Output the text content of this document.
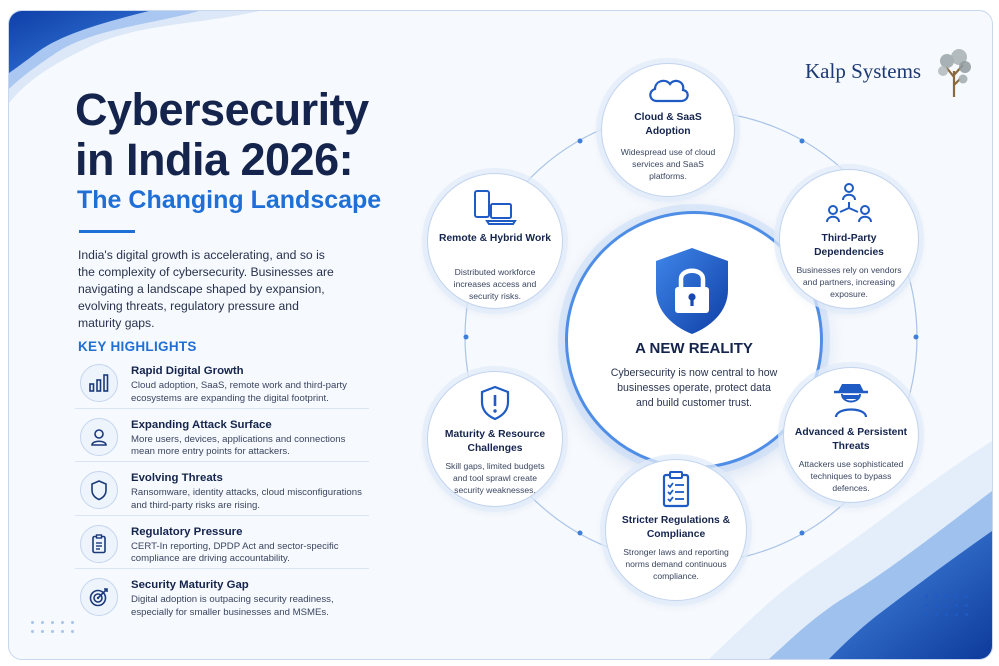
Cybersecurity
in India 2026:
The Changing Landscape
India's digital growth is accelerating, and so is the complexity of cybersecurity. Businesses are navigating a landscape shaped by expansion, evolving threats, regulatory pressure and maturity gaps.
KEY HIGHLIGHTS
Rapid Digital Growth
Cloud adoption, SaaS, remote work and third-party ecosystems are expanding the digital footprint.
Expanding Attack Surface
More users, devices, applications and connections mean more entry points for attackers.
Evolving Threats
Ransomware, identity attacks, cloud misconfigurations and third-party risks are rising.
Regulatory Pressure
CERT-In reporting, DPDP Act and sector-specific compliance are driving accountability.
Security Maturity Gap
Digital adoption is outpacing security readiness, especially for smaller businesses and MSMEs.
Kalp Systems
A NEW REALITY
Cybersecurity is now central to how businesses operate, protect data and build customer trust.
Cloud & SaaS Adoption
Widespread use of cloud services and SaaS platforms.
Remote & Hybrid Work
Distributed workforce increases access and security risks.
Third-Party Dependencies
Businesses rely on vendors and partners, increasing exposure.
Maturity & Resource Challenges
Skill gaps, limited budgets and tool sprawl create security weaknesses.
Advanced & Persistent Threats
Attackers use sophisticated techniques to bypass defences.
Stricter Regulations & Compliance
Stronger laws and reporting norms demand continuous compliance.
